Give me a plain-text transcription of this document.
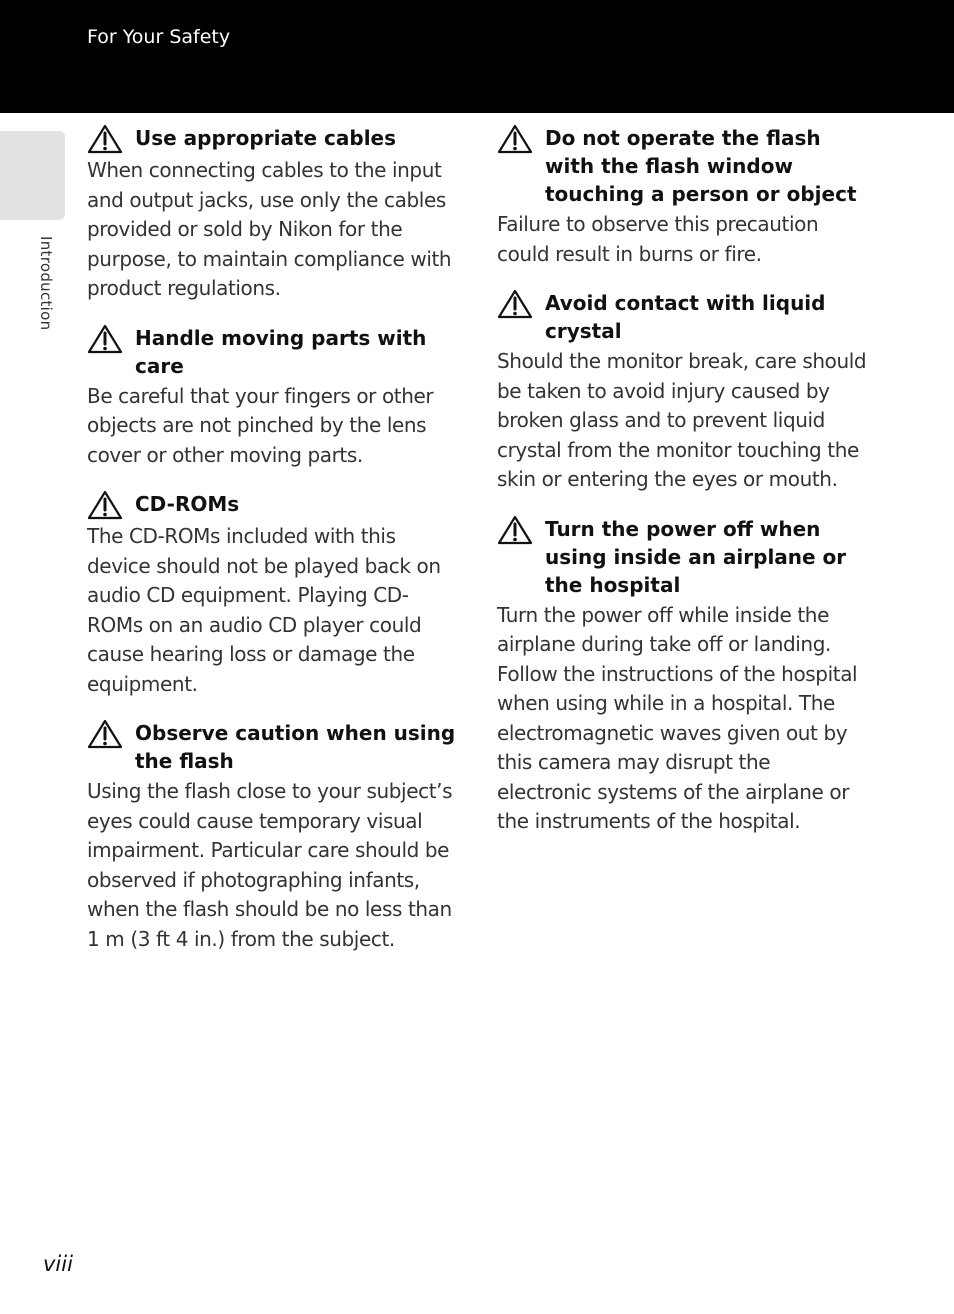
For Your Safety
Introduction
Use appropriate cables
When connecting cables to the input and output jacks, use only the cables provided or sold by Nikon for the purpose, to maintain compliance with product regulations.
Handle moving parts with care
Be careful that your fingers or other objects are not pinched by the lens cover or other moving parts.
CD-ROMs
The CD-ROMs included with this device should not be played back on audio CD equipment. Playing CD-ROMs on an audio CD player could cause hearing loss or damage the equipment.
Observe caution when using the flash
Using the flash close to your subject’s eyes could cause temporary visual impairment. Particular care should be observed if photographing infants, when the flash should be no less than 1 m (3 ft 4 in.) from the subject.
Do not operate the flash with the flash window touching a person or object
Failure to observe this precaution could result in burns or fire.
Avoid contact with liquid crystal
Should the monitor break, care should be taken to avoid injury caused by broken glass and to prevent liquid crystal from the monitor touching the skin or entering the eyes or mouth.
Turn the power off when using inside an airplane or the hospital
Turn the power off while inside the airplane during take off or landing. Follow the instructions of the hospital when using while in a hospital. The electromagnetic waves given out by this camera may disrupt the electronic systems of the airplane or the instruments of the hospital.
viii
